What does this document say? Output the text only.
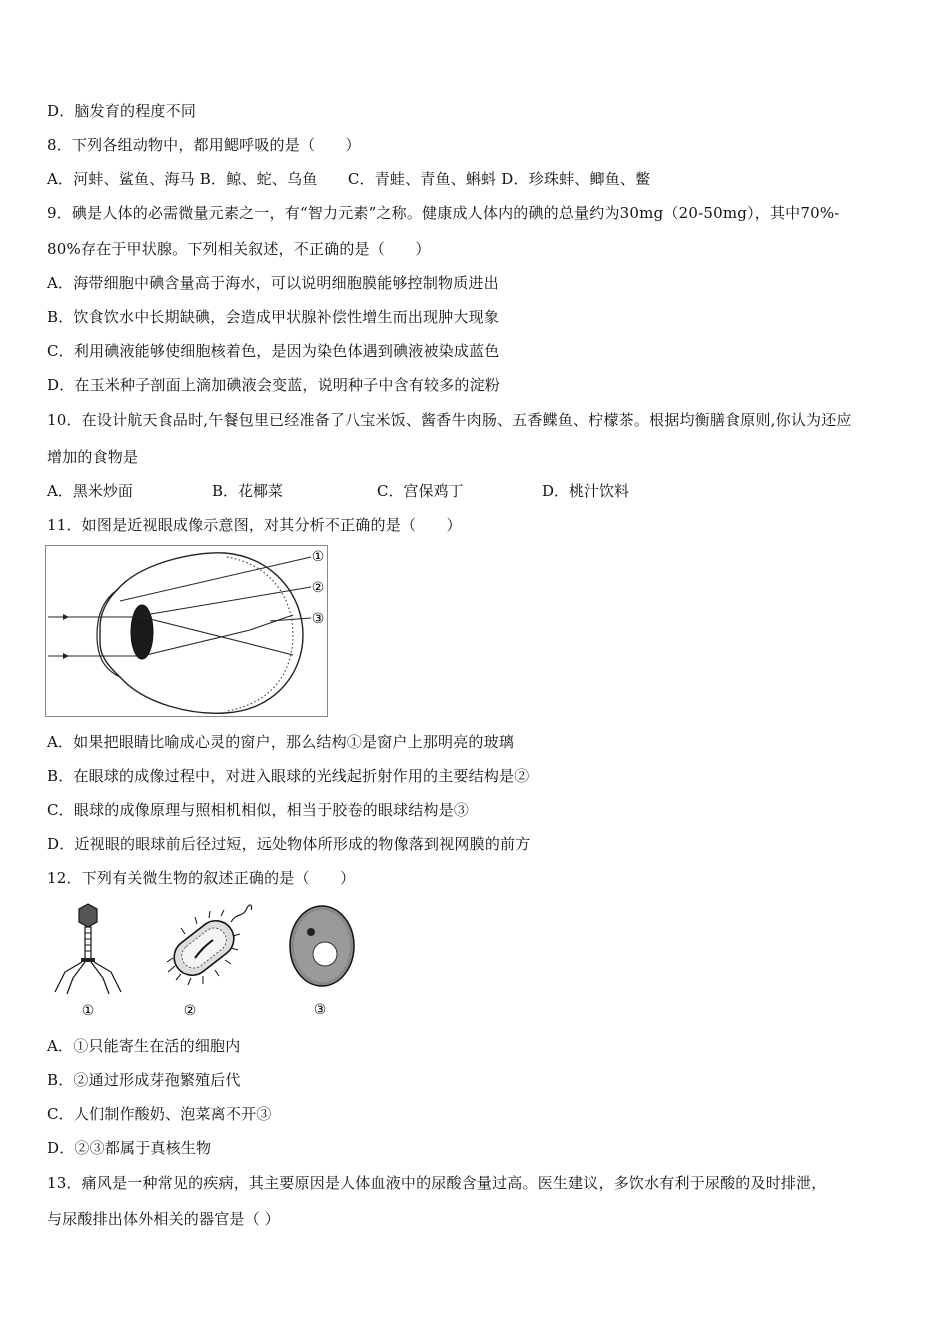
D．脑发育的程度不同
8．下列各组动物中，都用鳃呼吸的是（　　）
A．河蚌、鲨鱼、海马 B．鲸、蛇、乌鱼　　C．青蛙、青鱼、蝌蚪 D．珍珠蚌、鲫鱼、鳖
9．碘是人体的必需微量元素之一，有“智力元素”之称。健康成人体内的碘的总量约为30mg（20-50mg），其中70%-
80%存在于甲状腺。下列相关叙述，不正确的是（　　）
A．海带细胞中碘含量高于海水，可以说明细胞膜能够控制物质进出
B．饮食饮水中长期缺碘，会造成甲状腺补偿性增生而出现肿大现象
C．利用碘液能够使细胞核着色，是因为染色体遇到碘液被染成蓝色
D．在玉米种子剖面上滴加碘液会变蓝，说明种子中含有较多的淀粉
10．在设计航天食品时,午餐包里已经准备了八宝米饭、酱香牛肉肠、五香鲽鱼、柠檬茶。根据均衡膳食原则,你认为还应
增加的食物是
A．黑米炒面	B．花椰菜	C．宫保鸡丁	D．桃汁饮料
11．如图是近视眼成像示意图，对其分析不正确的是（　　）
①
②
③
A．如果把眼睛比喻成心灵的窗户，那么结构①是窗户上那明亮的玻璃
B．在眼球的成像过程中，对进入眼球的光线起折射作用的主要结构是②
C．眼球的成像原理与照相机相似，相当于胶卷的眼球结构是③
D．近视眼的眼球前后径过短，远处物体所形成的物像落到视网膜的前方
12．下列有关微生物的叙述正确的是（　　）
①	②	③
A．①只能寄生在活的细胞内
B．②通过形成芽孢繁殖后代
C．人们制作酸奶、泡菜离不开③
D．②③都属于真核生物
13．痛风是一种常见的疾病，其主要原因是人体血液中的尿酸含量过高。医生建议，多饮水有利于尿酸的及时排泄，
与尿酸排出体外相关的器官是（ ）
